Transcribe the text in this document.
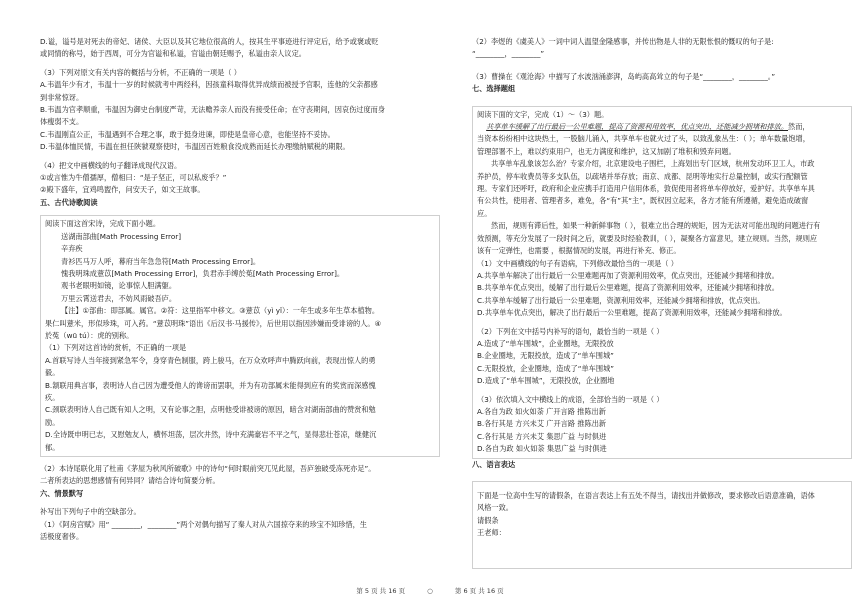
D.谥，谥号是对死去的帝妃、诸侯、大臣以及其它地位很高的人，按其生平事迹进行评定后，给予或褒或贬

或同情的称号，始于西周，可分为官谥和私谥，官谥由朝廷赐予，私谥由亲人议定。

（3）下列对原文有关内容的概括与分析，不正确的一项是（ ）

A.韦温年少有才，韦温十一岁的时候就考中两经科，因孩童科取得优异成绩而被授予官职，连他的父亲都感

到非常惊讶。

B.韦温为官孝顺重，韦温因为御史台制度严苛，无法赡养亲人而没有接受任命；在守丧期间，因哀伤过度而身

体瘦弱不支。

C.韦温刚直公正，韦温遇到不合理之事，敢于挺身进谏，即使是皇帝心意，也能坚持不妥协。

D.韦温体恤民情，韦温在担任陕虢观察使时，韦温因百姓粮食没成熟而延长办理缴纳赋税的期限。

（4）把文中画横线的句子翻译成现代汉语。

①或言惟为牛僧孺厚，僧相曰：“是子坚正，可以私废乎？”

②殿下盛年，宜鸡鸣盥作，问安天子，如文王故事。

五、古代诗歌阅读

阅读下面这首宋诗，完成下面小题。

送湖南部曲[Math Processing Error]

辛弃疾

青衫匹马万人呼，幕府当年急急符[Math Processing Error]。

愧我明珠成薏苡[Math Processing Error]，负君赤手缚於菟[Math Processing Error]。

观书老眼明如镜，论事惊人胆满躯。

万里云霄送君去，不妨风雨破吾庐。

【注】①部曲：即部属。属官。②符：这里指军中移文。③薏苡（yì yǐ）：一年生或多年生草本植物。

果仁叫薏米，形似珍珠，可入药。“薏苡明珠”语出《后汉书·马援传》，后世用以指因涉嫌而受诽谤的人。④

於菟（wū tú）：虎的别称。

（1）下列对这首诗的赏析，不正确的一项是

A.首联写诗人当年接到紧急军令，身穿青色制服，跨上骏马，在万众欢呼声中腾跃向前，表现出惊人的勇

毅。

B.颔联用典言事，表明诗人自己因为遭受他人的谗谤而罢职，并为有功部属未能得到应有的奖赏而深感愧

疚。

C.颈联表明诗人自己既有知人之明，又有论事之胆，点明他受诽被谤的原因，暗含对湖南部曲的赞赏和勉

励。

D.全诗既申明已志，又慰勉友人，横怀坦荡，层次井然，诗中充满豪岩不平之气，显得悲壮苍凉，继健沉

郁。

（2）本诗尾联化用了杜甫《茅屋为秋风所破歌》中的诗句“何时眼前突兀见此屋，吾庐独破受冻死亦足”。

二者所表达的思想感情有何异同？请结合诗句简要分析。

六、情景默写

补写出下列句子中的空缺部分。

（1）《阿房宫赋》用“ ________，________”两个对偶句描写了秦人对从六国掠夺来的珍宝不知珍惜，生

活极度奢侈。

（2）李煜的《虞美人》一词中词人温望金隆感事，并传出物是人非的无限怅恨的慨叹的句子是:

“________，________”

（3）曹操在《观沧海》中描写了水波汹涌澎湃，岛屿高高耸立的句子是“________，________。”

七、选择题组

阅读下面的文字，完成（1）～（3）题。

共享单车缓解了出行最后一公里难题，提高了资源利用效率，优点突出，还能减少拥堵和排放。然而，

当资本纷纷相中这块热土，一股脑儿涌入，共享单车也就火过了头，以致乱象丛生：（ ）；单车数量饱增，

管理部署不上，难以约束用户，也无力满度和维护，这又加剧了堆积和毁弃问题。

共享单车乱象该怎么治？专家介绍，北京建设电子围栏，上海划出专门区域，杭州发动环卫工人，市政

养护员，停车收费员等多支队伍，以疏堵并举存放；南京、成都、昆明等地实行总量控制，或实行配额管

理。专家们还呼吁，政府和企业应携手打造用户信用体系，敦促使用者将单车停放好，爱护好。共享单车具

有公共性，使用者、管理者多，难免，各“有”其“主”，既权因立起来，各方才能有所遵循，避免造成破窗

应。

然而，规则有滞后性，如果一种新鲜事物（ ），很难立出合理的规矩，因为无法对可能出现的问题进行有

效预测，等充分发展了一段时间之后，就要及时经验教训，（ ），凝聚各方富意见，建立规则。当然，规则应

该有一定弹性，也需要 ，根据情况的发展，再进行补充、修正。

（1）文中画横线的句子有语病，下列修改最恰当的一项是（ ）

A.共享单车解决了出行最后一公里难题再加了资源利用效率，优点突出，还能减少拥堵和排放。

B.共享单车优点突出，缓解了出行最后公里难题，提高了资源利用效率，还能减少拥堵和排放。

C.共享单车缓解了出行最后一公里难题，资源利用效率，还能减少拥堵和排放，优点突出。

D.共享单车优点突出，解决了出行最后一公里难题，提高了资源利用效率，还能减少拥堵和排放。

（2）下列在文中括号内补写的语句，最恰当的一项是（ ）

A.造成了“单车围城”，企业圈地，无限投放

B.企业圈地，无限投放，造成了“单车围城”

C.无限投放，企业圈地，造成了“单车围城”

D.造成了“单车围城”，无限投放，企业圈地

（3）依次填入文中横线上的成语，全部恰当的一项是（ ）

A.各自为政 如火如荼 广开言路 推陈出新

B.各行其是 方兴未艾 广开言路 推陈出新

C.各行其是 方兴未艾 集思广益 与时俱进

D.各自为政 如火如荼 集思广益 与时俱进

八、语言表达

下面是一位高中生写的请假条，在语言表达上有五处不得当，请找出并做修改，要求修改后语意准确，语体

风格一致。

请假条

王老师：

第 5 页 共 16 页	○	第 6 页 共 16 页
